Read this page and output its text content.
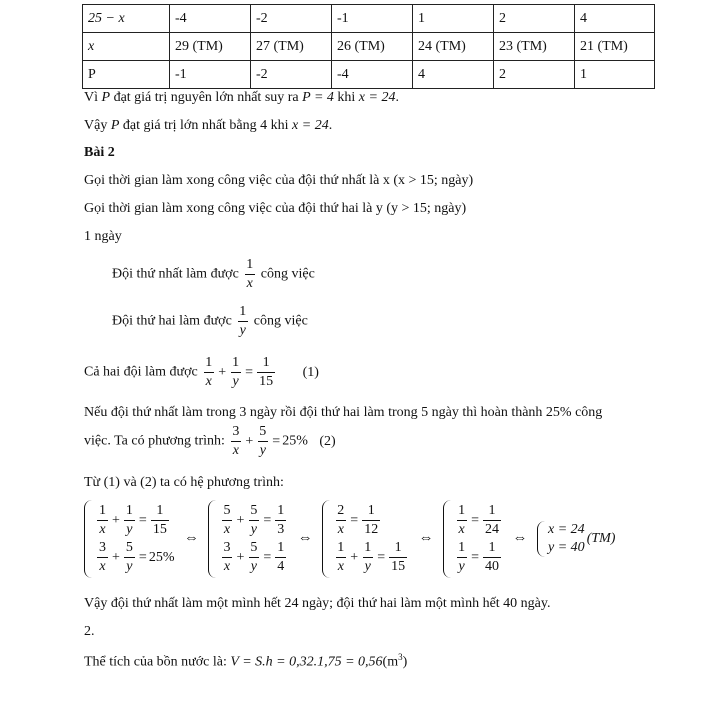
25 − x	-4	-2	-1	1	2	4
x	29 (TM)	27 (TM)	26 (TM)	24 (TM)	23 (TM)	21 (TM)
P	-1	-2	-4	4	2	1
Vì P đạt giá trị nguyên lớn nhất suy ra P = 4 khi x = 24.
Vậy P đạt giá trị lớn nhất bằng 4 khi x = 24.
Bài 2
Gọi thời gian làm xong công việc của đội thứ nhất là x (x > 15; ngày)
Gọi thời gian làm xong công việc của đội thứ hai là y (y > 15; ngày)
1 ngày
Đội thứ nhất làm được $\frac{1}{x}$ công việc
Đội thứ hai làm được $\frac{1}{y}$ công việc
Cả hai đội làm được $\frac{1}{x} + \frac{1}{y} = \frac{1}{15} (1)$
Nếu đội thứ nhất làm trong 3 ngày rồi đội thứ hai làm trong 5 ngày thì hoàn thành 25% công
việc. Ta có phương trình: $\frac{3}{x} + \frac{5}{y} = 25\%$ (2)
Từ (1) và (2) ta có hệ phương trình:
$\frac{1}{x} + \frac{1}{y} = \frac{1}{15}$
$\frac{3}{x} + \frac{5}{y} = 25\%$
⇔
$\frac{5}{x} + \frac{5}{y} = \frac{1}{3}$
$\frac{3}{x} + \frac{5}{y} = \frac{1}{4}$
⇔
$\frac{2}{x} = \frac{1}{12}$
$\frac{1}{x} + \frac{1}{y} = \frac{1}{15}$
⇔
$\frac{1}{x} = \frac{1}{24}$
$\frac{1}{y} = \frac{1}{40}$
⇔
x = 24
y = 40
(TM)
Vậy đội thứ nhất làm một mình hết 24 ngày; đội thứ hai làm một mình hết 40 ngày.
2.
Thể tích của bồn nước là: $V = S.h = 0,32.1,75 = 0,56(m^3)$
